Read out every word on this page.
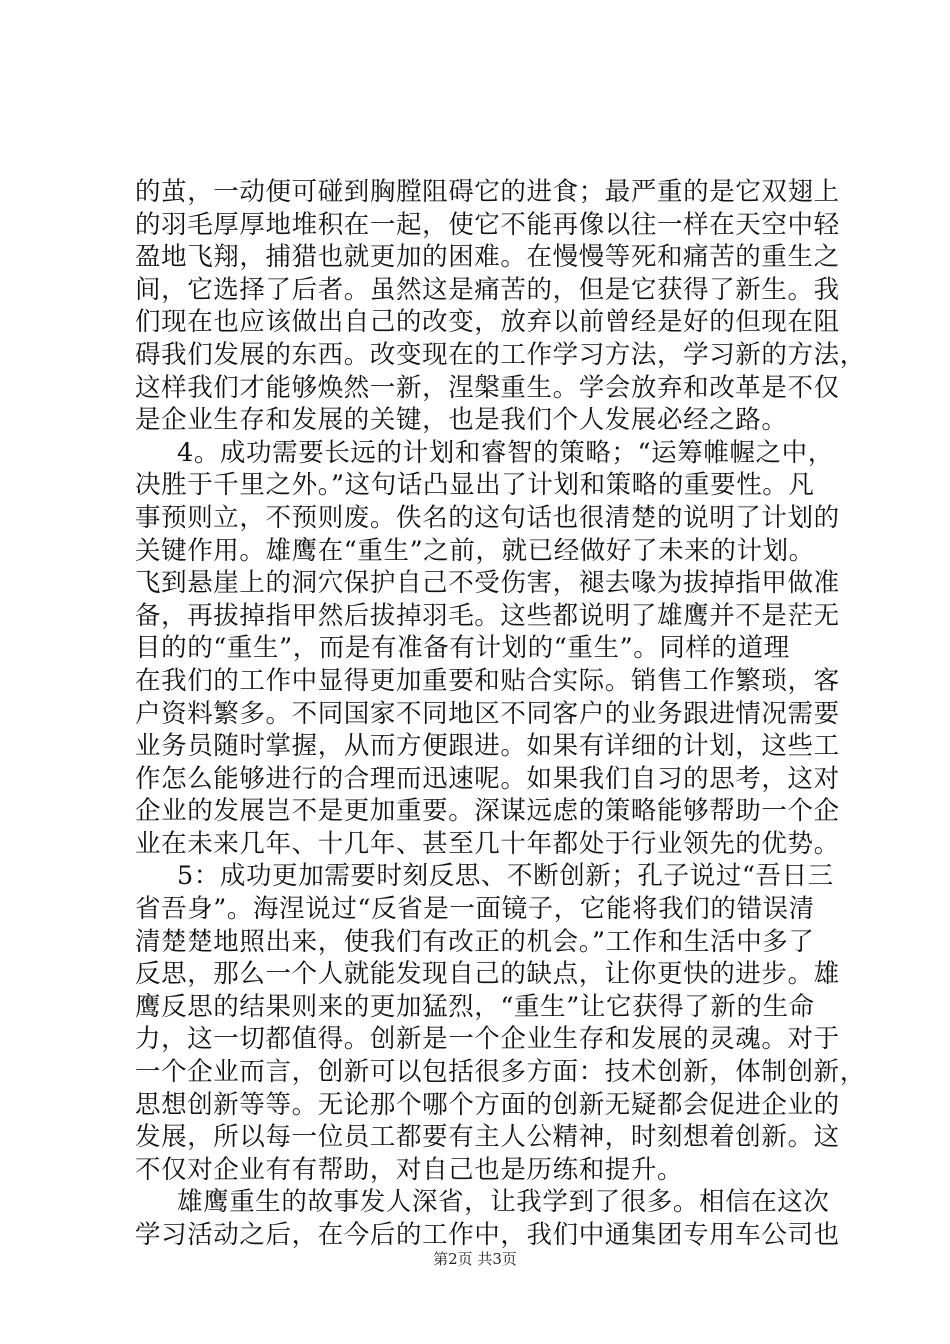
的茧，一动便可碰到胸膛阻碍它的进食；最严重的是它双翅上
的羽毛厚厚地堆积在一起，使它不能再像以往一样在天空中轻
盈地飞翔，捕猎也就更加的困难。在慢慢等死和痛苦的重生之
间，它选择了后者。虽然这是痛苦的，但是它获得了新生。我
们现在也应该做出自己的改变，放弃以前曾经是好的但现在阻
碍我们发展的东西。改变现在的工作学习方法，学习新的方法，
这样我们才能够焕然一新，涅槃重生。学会放弃和改革是不仅
是企业生存和发展的关键，也是我们个人发展必经之路。
4。成功需要长远的计划和睿智的策略；“运筹帷幄之中，
决胜于千里之外。”这句话凸显出了计划和策略的重要性。凡
事预则立，不预则废。佚名的这句话也很清楚的说明了计划的
关键作用。雄鹰在“重生”之前，就已经做好了未来的计划。
飞到悬崖上的洞穴保护自己不受伤害，褪去喙为拔掉指甲做准
备，再拔掉指甲然后拔掉羽毛。这些都说明了雄鹰并不是茫无
目的的“重生”，而是有准备有计划的“重生”。同样的道理
在我们的工作中显得更加重要和贴合实际。销售工作繁琐，客
户资料繁多。不同国家不同地区不同客户的业务跟进情况需要
业务员随时掌握，从而方便跟进。如果有详细的计划，这些工
作怎么能够进行的合理而迅速呢。如果我们自习的思考，这对
企业的发展岂不是更加重要。深谋远虑的策略能够帮助一个企
业在未来几年、十几年、甚至几十年都处于行业领先的优势。
5：成功更加需要时刻反思、不断创新；孔子说过“吾日三
省吾身”。海涅说过“反省是一面镜子，它能将我们的错误清
清楚楚地照出来，使我们有改正的机会。”工作和生活中多了
反思，那么一个人就能发现自己的缺点，让你更快的进步。雄
鹰反思的结果则来的更加猛烈，“重生”让它获得了新的生命
力，这一切都值得。创新是一个企业生存和发展的灵魂。对于
一个企业而言，创新可以包括很多方面：技术创新，体制创新，
思想创新等等。无论那个哪个方面的创新无疑都会促进企业的
发展，所以每一位员工都要有主人公精神，时刻想着创新。这
不仅对企业有有帮助，对自己也是历练和提升。
雄鹰重生的故事发人深省，让我学到了很多。相信在这次
学习活动之后，在今后的工作中，我们中通集团专用车公司也
第2页 共3页
